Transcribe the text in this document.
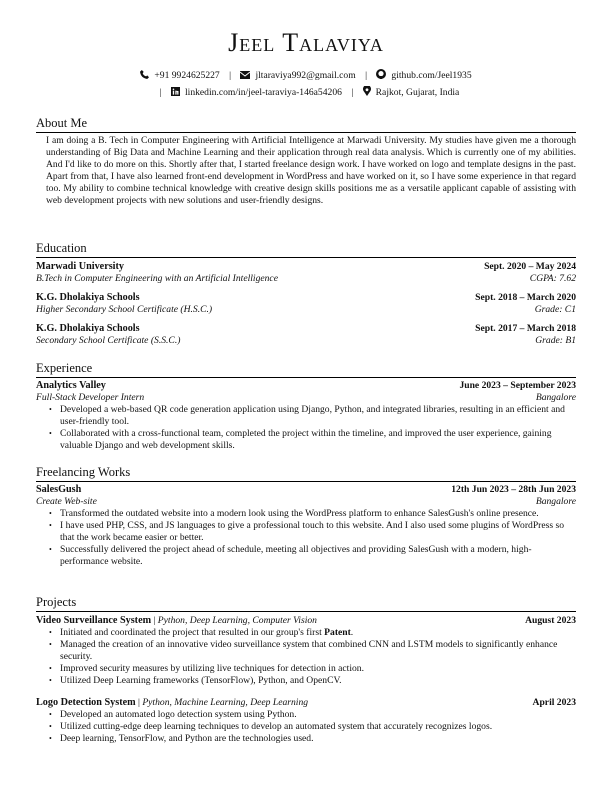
Jeel Talaviya
+91 9924625227 |	jltaraviya992@gmail.com |	github.com/Jeel1935
| linkedin.com/in/jeel-taraviya-146a54206 | Rajkot, Gujarat, India
About Me
I am doing a B. Tech in Computer Engineering with Artificial Intelligence at Marwadi University. My studies have given me a thorough understanding of Big Data and Machine Learning and their application through real data analysis. Which is currently one of my abilities. And I'd like to do more on this. Shortly after that, I started freelance design work. I have worked on logo and template designs in the past. Apart from that, I have also learned front-end development in WordPress and have worked on it, so I have some experience in that regard too. My ability to combine technical knowledge with creative design skills positions me as a versatile applicant capable of assisting with web development projects with new solutions and user-friendly designs.
Education
Marwadi University	Sept. 2020 – May 2024
B.Tech in Computer Engineering with an Artificial Intelligence	CGPA: 7.62
K.G. Dholakiya Schools	Sept. 2018 – March 2020
Higher Secondary School Certificate (H.S.C.)	Grade: C1
K.G. Dholakiya Schools	Sept. 2017 – March 2018
Secondary School Certificate (S.S.C.)	Grade: B1
Experience
Analytics Valley	June 2023 – September 2023
Full-Stack Developer Intern	Bangalore
• Developed a web-based QR code generation application using Django, Python, and integrated libraries, resulting in an efficient and user-friendly tool.
• Collaborated with a cross-functional team, completed the project within the timeline, and improved the user experience, gaining valuable Django and web development skills.
Freelancing Works
SalesGush	12th Jun 2023 – 28th Jun 2023
Create Web-site	Bangalore
• Transformed the outdated website into a modern look using the WordPress platform to enhance SalesGush's online presence.
• I have used PHP, CSS, and JS languages to give a professional touch to this website. And I also used some plugins of WordPress so that the work became easier or better.
• Successfully delivered the project ahead of schedule, meeting all objectives and providing SalesGush with a modern, high-performance website.
Projects
Video Surveillance System | Python, Deep Learning, Computer Vision	August 2023
• Initiated and coordinated the project that resulted in our group's first Patent.
• Managed the creation of an innovative video surveillance system that combined CNN and LSTM models to significantly enhance security.
• Improved security measures by utilizing live techniques for detection in action.
• Utilized Deep Learning frameworks (TensorFlow), Python, and OpenCV.
Logo Detection System | Python, Machine Learning, Deep Learning	April 2023
• Developed an automated logo detection system using Python.
• Utilized cutting-edge deep learning techniques to develop an automated system that accurately recognizes logos.
• Deep learning, TensorFlow, and Python are the technologies used.
